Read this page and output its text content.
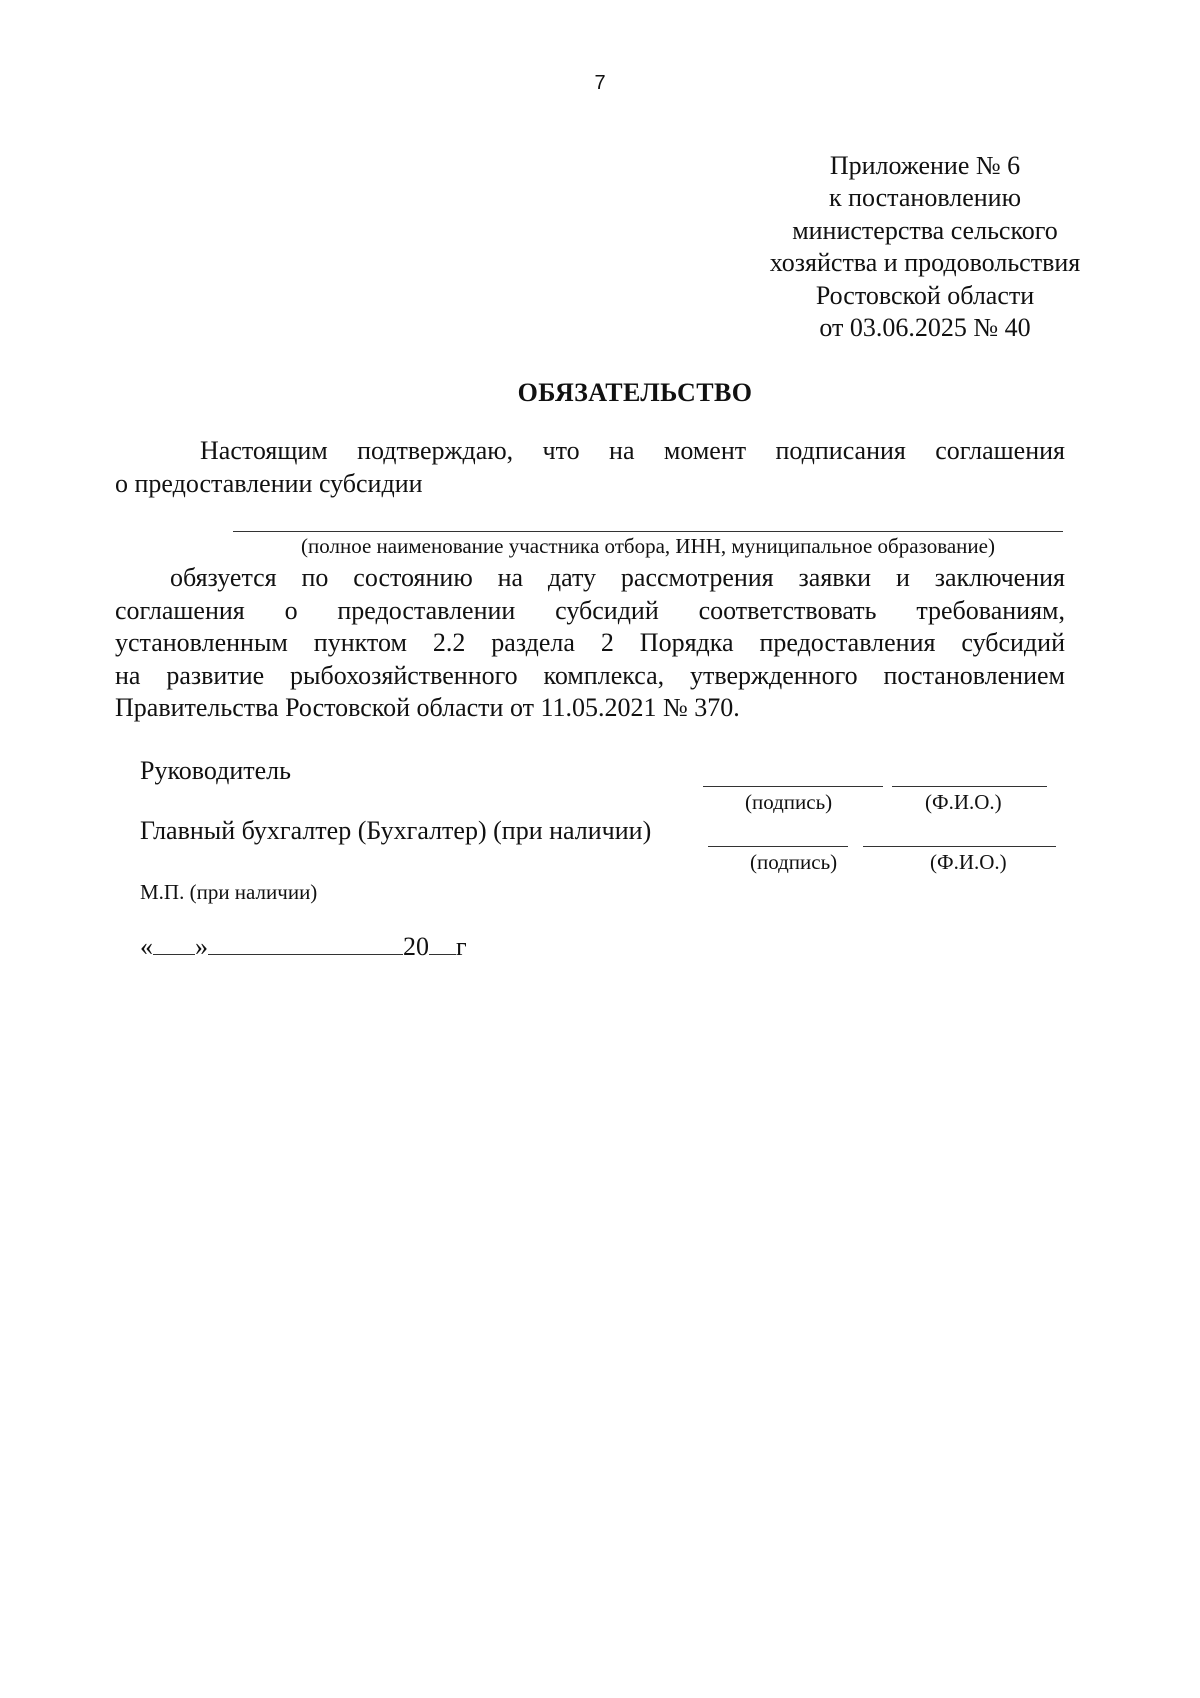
7
Приложение № 6
к постановлению
министерства сельского
хозяйства и продовольствия
Ростовской области
от 03.06.2025 № 40
ОБЯЗАТЕЛЬСТВО
Настоящим подтверждаю, что на момент подписания соглашения
о предоставлении субсидии
(полное наименование участника отбора, ИНН, муниципальное образование)
обязуется по состоянию на дату рассмотрения заявки и заключения
соглашения о предоставлении субсидий соответствовать требованиям,
установленным пунктом 2.2 раздела 2 Порядка предоставления субсидий
на развитие рыбохозяйственного комплекса, утвержденного постановлением
Правительства Ростовской области от 11.05.2021 № 370.
Руководитель
(подпись)	(Ф.И.О.)
Главный бухгалтер (Бухгалтер) (при наличии)
(подпись)	(Ф.И.О.)
М.П. (при наличии)
« »	20 г
